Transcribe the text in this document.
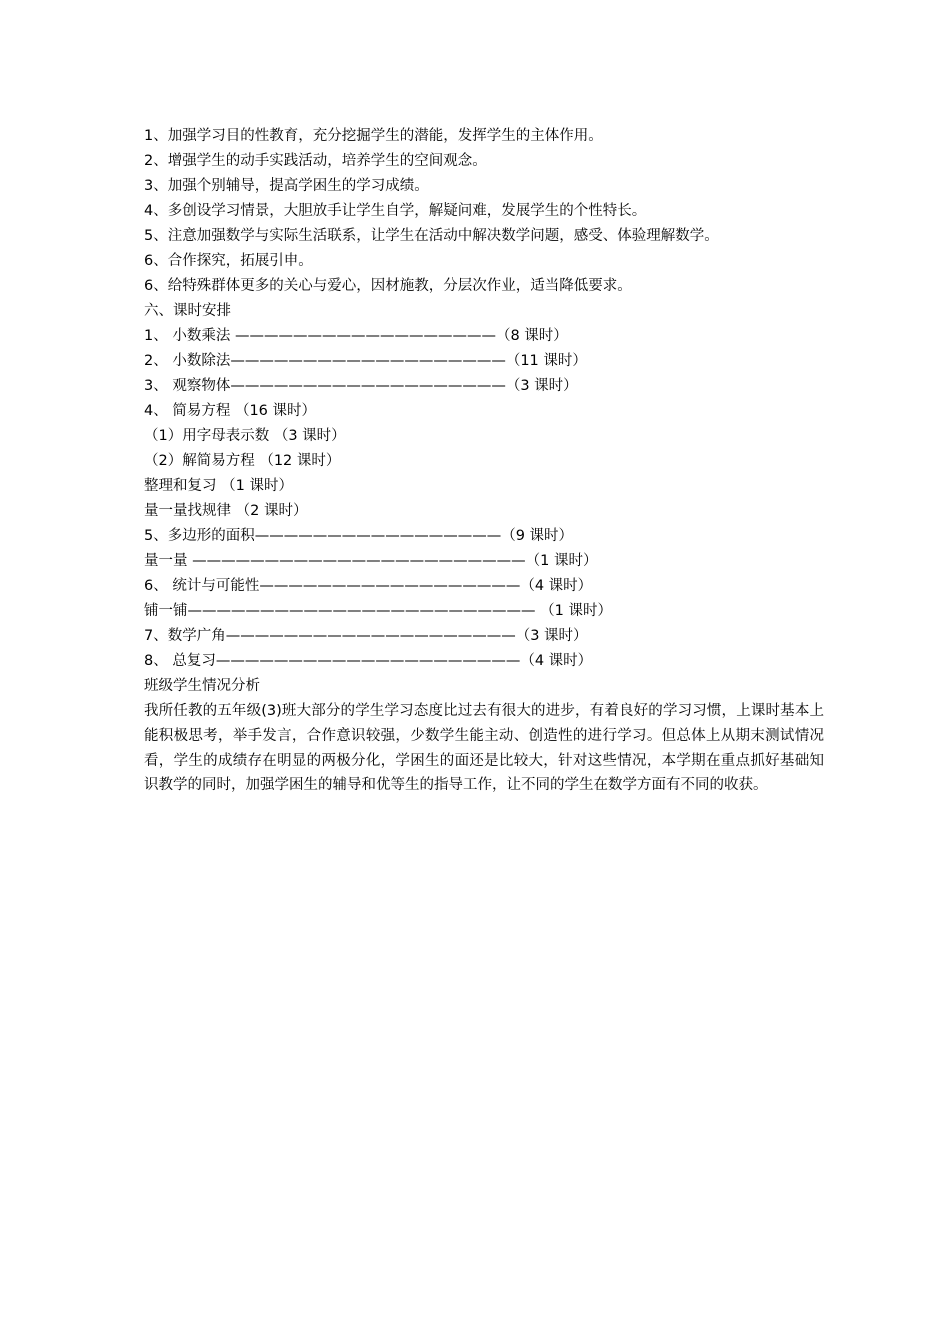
1、加强学习目的性教育，充分挖掘学生的潜能，发挥学生的主体作用。
2、增强学生的动手实践活动，培养学生的空间观念。
3、加强个别辅导，提高学困生的学习成绩。
4、多创设学习情景，大胆放手让学生自学，解疑问难，发展学生的个性特长。
5、注意加强数学与实际生活联系，让学生在活动中解决数学问题，感受、体验理解数学。
6、合作探究，拓展引申。
6、给特殊群体更多的关心与爱心，因材施教，分层次作业，适当降低要求。
六、课时安排
1、 小数乘法 ——————————————————（8 课时）
2、 小数除法———————————————————（11 课时）
3、 观察物体———————————————————（3 课时）
4、 简易方程 （16 课时）
（1）用字母表示数 （3 课时）
（2）解简易方程 （12 课时）
整理和复习 （1 课时）
量一量找规律 （2 课时）
5、多边形的面积—————————————————（9 课时）
量一量 ———————————————————————（1 课时）
6、 统计与可能性——————————————————（4 课时）
铺一铺———————————————————————— （1 课时）
7、数学广角————————————————————（3 课时）
8、 总复习—————————————————————（4 课时）
班级学生情况分析
我所任教的五年级(3)班大部分的学生学习态度比过去有很大的进步，有着良好的学习习惯，上课时基本上能积极思考，举手发言，合作意识较强，少数学生能主动、创造性的进行学习。但总体上从期末测试情况看，学生的成绩存在明显的两极分化，学困生的面还是比较大，针对这些情况，本学期在重点抓好基础知识教学的同时，加强学困生的辅导和优等生的指导工作，让不同的学生在数学方面有不同的收获。
